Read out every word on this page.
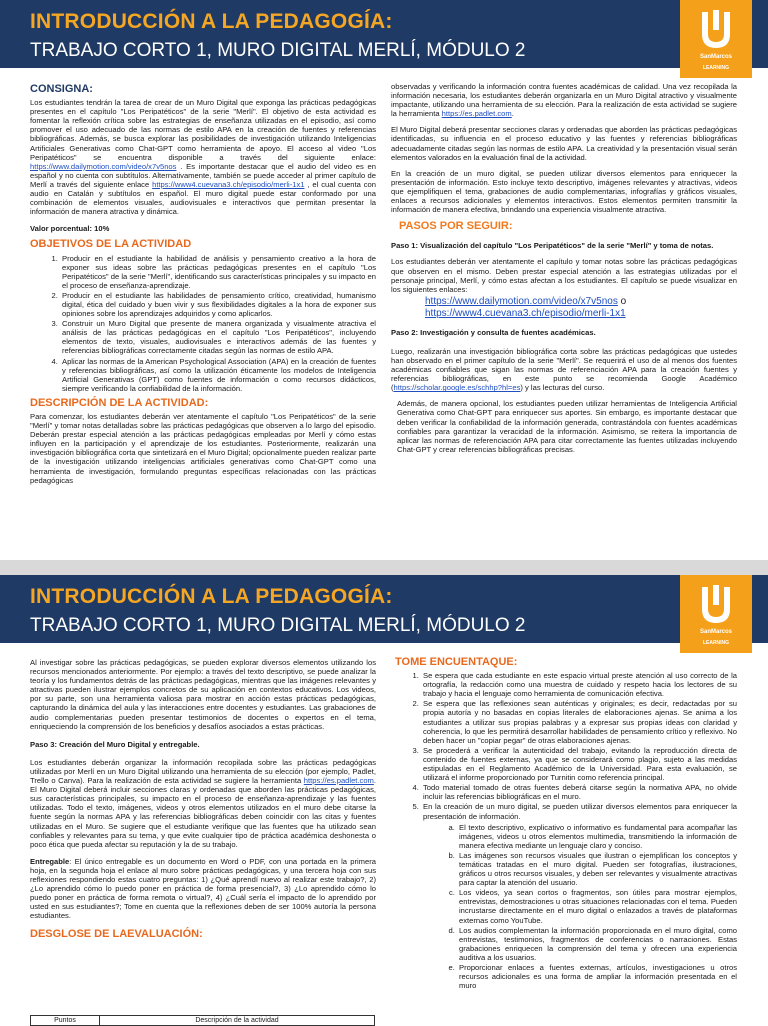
INTRODUCCIÓN A LA PEDAGOGÍA:
TRABAJO CORTO 1, MURO DIGITAL MERLÍ, MÓDULO 2	SanMarcos
LEARNING
CONSIGNA:

Los estudiantes tendrán la tarea de crear de un Muro Digital que exponga las prácticas pedagógicas presentes en el capítulo "Los Peripatéticos" de la serie "Merlí". El objetivo de esta actividad es fomentar la reflexión crítica sobre las estrategias de enseñanza utilizadas en el episodio, así como promover el uso adecuado de las normas de estilo APA en la creación de fuentes y referencias bibliográficas. Además, se busca explorar las posibilidades de investigación utilizando Inteligencias Artificiales Generativas como Chat-GPT como herramienta de apoyo. El acceso al video "Los Peripatéticos" se encuentra disponible a través del siguiente enlace: https://www.dailymotion.com/video/x7v5nos . Es importante destacar que el audio del video es en español y no cuenta con subtítulos. Alternativamente, también se puede acceder al primer capítulo de Merlí a través del siguiente enlace https://www4.cuevana3.ch/episodio/merli-1x1 , el cual cuenta con audio en Catalán y subtítulos en español. El muro digital puede estar conformado por una combinación de elementos visuales, audiovisuales e interactivos que permitan presentar la información de manera atractiva y dinámica.

Valor porcentual: 10%

OBJETIVOS DE LA ACTIVIDAD
1. Producir en el estudiante la habilidad de análisis y pensamiento creativo a la hora de exponer sus ideas sobre las prácticas pedagógicas presentes en el capítulo "Los Peripatéticos" de la serie "Merlí", identificando sus características principales y su impacto en el proceso de enseñanza-aprendizaje.
2. Producir en el estudiante las habilidades de pensamiento crítico, creatividad, humanismo digital, ética del cuidado y buen vivir y sus flexibilidades digitales a la hora de exponer sus opiniones sobre los aprendizajes adquiridos y como aplicarlos.
3. Construir un Muro Digital que presente de manera organizada y visualmente atractiva el análisis de las prácticas pedagógicas en el capítulo "Los Peripatéticos", incluyendo elementos de texto, visuales, audiovisuales e interactivos además de las fuentes y referencias bibliográficas correctamente citadas según las normas de estilo APA.
4. Aplicar las normas de la American Psychological Association (APA) en la creación de fuentes y referencias bibliográficas, así como la utilización éticamente los modelos de Inteligencia Artificial Generativas (GPT) como fuentes de información o como recursos didácticos, siempre verificando la confiabilidad de la información.
DESCRIPCIÓN DE LA ACTIVIDAD:

Para comenzar, los estudiantes deberán ver atentamente el capítulo "Los Peripatéticos" de la serie "Merlí" y tomar notas detalladas sobre las prácticas pedagógicas que observen a lo largo del episodio. Deberán prestar especial atención a las prácticas pedagógicas empleadas por Merlí y cómo estas influyen en la participación y el aprendizaje de los estudiantes. Posteriormente, realizarán una investigación bibliográfica corta que sintetizará en el Muro Digital; opcionalmente pueden realizar parte de la investigación utilizando inteligencias artificiales generativas como Chat-GPT como una herramienta de investigación, formulando preguntas específicas relacionadas con las prácticas pedagógicas

observadas y verificando la información contra fuentes académicas de calidad. Una vez recopilada la información necesaria, los estudiantes deberán organizarla en un Muro Digital atractivo y visualmente impactante, utilizando una herramienta de su elección. Para la realización de esta actividad se sugiere la herramienta https://es.padlet.com.

El Muro Digital deberá presentar secciones claras y ordenadas que aborden las prácticas pedagógicas identificadas, su influencia en el proceso educativo y las fuentes y referencias bibliográficas adecuadamente citadas según las normas de estilo APA. La creatividad y la presentación visual serán elementos valorados en la evaluación final de la actividad.

En la creación de un muro digital, se pueden utilizar diversos elementos para enriquecer la presentación de información. Esto incluye texto descriptivo, imágenes relevantes y atractivas, videos que ejemplifiquen el tema, grabaciones de audio complementarias, infografías y gráficos visuales, enlaces a recursos adicionales y elementos interactivos. Estos elementos permiten transmitir la información de manera efectiva, brindando una experiencia visualmente atractiva.

PASOS POR SEGUIR:

Paso 1: Visualización del capítulo "Los Peripatéticos" de la serie "Merlí" y toma de notas.

Los estudiantes deberán ver atentamente el capítulo y tomar notas sobre las prácticas pedagógicas que observen en el mismo. Deben prestar especial atención a las estrategias utilizadas por el personaje principal, Merlí, y cómo estas afectan a los estudiantes. El capítulo se puede visualizar en los siguientes enlaces:

https://www.dailymotion.com/video/x7v5nos o
https://www4.cuevana3.ch/episodio/merli-1x1

Paso 2: Investigación y consulta de fuentes académicas.

Luego, realizarán una investigación bibliográfica corta sobre las prácticas pedagógicas que ustedes han observado en el primer capítulo de la serie "Merlí". Se requerirá el uso de al menos dos fuentes académicas confiables que sigan las normas de referenciación APA para la creación fuentes y referencias bibliográficas, en este punto se recomienda Google Académico (https://scholar.google.es/schhp?hl=es) y las lecturas del curso.

Además, de manera opcional, los estudiantes pueden utilizar herramientas de Inteligencia Artificial Generativa como Chat-GPT para enriquecer sus aportes. Sin embargo, es importante destacar que deben verificar la confiabilidad de la información generada, contrastándola con fuentes académicas confiables para garantizar la veracidad de la información. Asimismo, se reitera la importancia de aplicar las normas de referenciación APA para citar correctamente las fuentes utilizadas incluyendo Chat-GPT y crear referencias bibliográficas precisas.

INTRODUCCIÓN A LA PEDAGOGÍA:
TRABAJO CORTO 1, MURO DIGITAL MERLÍ, MÓDULO 2	SanMarcos
LEARNING

Al investigar sobre las prácticas pedagógicas, se pueden explorar diversos elementos utilizando los recursos mencionados anteriormente. Por ejemplo: a través del texto descriptivo, se puede analizar la teoría y los fundamentos detrás de las prácticas pedagógicas, mientras que las imágenes relevantes y atractivas pueden ilustrar ejemplos concretos de su aplicación en contextos educativos. Los videos, por su parte, son una herramienta valiosa para mostrar en acción estas prácticas pedagógicas, capturando la dinámica del aula y las interacciones entre docentes y estudiantes. Las grabaciones de audio complementarias pueden presentar testimonios de docentes o expertos en el tema, enriqueciendo la comprensión de los beneficios y desafíos asociados a estas prácticas.

Paso 3: Creación del Muro Digital y entregable.

Los estudiantes deberán organizar la información recopilada sobre las prácticas pedagógicas utilizadas por Merlí en un Muro Digital utilizando una herramienta de su elección (por ejemplo, Padlet, Trello o Canva). Para la realización de esta actividad se sugiere la herramienta https://es.padlet.com. El Muro Digital deberá incluir secciones claras y ordenadas que aborden las prácticas pedagógicas, sus características principales, su impacto en el proceso de enseñanza-aprendizaje y las fuentes utilizadas. Todo el texto, imágenes, videos y otros elementos utilizados en el muro debe citarse la fuente según la normas APA y las referencias bibliográficas deben coincidir con las citas y fuentes utilizadas en el Muro. Se sugiere que el estudiante verifique que las fuentes que ha utilizado sean confiables y relevantes para su tema, y que evite cualquier tipo de práctica académica deshonesta o poco ética que pueda afectar su reputación y la de su trabajo.

Entregable: El único entregable es un documento en Word o PDF, con una portada en la primera hoja, en la segunda hoja el enlace al muro sobre prácticas pedagógicas, y una tercera hoja con sus reflexiones respondiendo estas cuatro preguntas: 1) ¿Qué aprendí nuevo al realizar este trabajo?, 2) ¿Lo aprendido cómo lo puedo poner en práctica de forma presencial?, 3) ¿Lo aprendido cómo lo puedo poner en práctica de forma remota o virtual?, 4) ¿Cuál sería el impacto de lo aprendido por usted en sus estudiantes?; Tome en cuenta que la reflexiones deben de ser 100% autoría la persona estudiantes.

DESGLOSE DE LAEVALUACIÓN:
Puntos	Descripción de la actividad
TOME ENCUENTAQUE:
1. Se espera que cada estudiante en este espacio virtual preste atención al uso correcto de la ortografía, la redacción como una muestra de cuidado y respeto hacia los lectores de su trabajo y hacia el lenguaje como herramienta de comunicación efectiva.
2. Se espera que las reflexiones sean auténticas y originales; es decir, redactadas por su propia autoría y no basadas en copias literales de elaboraciones ajenas. Se anima a los estudiantes a utilizar sus propias palabras y a expresar sus propias ideas con claridad y coherencia, lo que les permitirá desarrollar habilidades de pensamiento crítico y reflexivo. No deben hacer un "copiar pegar" de otras elaboraciones ajenas.
3. Se procederá a verificar la autenticidad del trabajo, evitando la reproducción directa de contenido de fuentes externas, ya que se considerará como plagio, sujeto a las medidas estipuladas en el Reglamento Académico de la Universidad. Para esta evaluación, se utilizará el informe proporcionado por Turnitin como referencia principal.
4. Todo material tomado de otras fuentes deberá citarse según la normativa APA, no olvide incluir las referencias bibliográficas en el muro.
5. En la creación de un muro digital, se pueden utilizar diversos elementos para enriquecer la presentación de información.
a. El texto descriptivo, explicativo o informativo es fundamental para acompañar las imágenes, videos u otros elementos multimedia, transmitiendo la información de manera efectiva mediante un lenguaje claro y conciso.
b. Las imágenes son recursos visuales que ilustran o ejemplifican los conceptos y temáticas tratadas en el muro digital. Pueden ser fotografías, ilustraciones, gráficos u otros recursos visuales, y deben ser relevantes y visualmente atractivas para captar la atención del usuario.
c. Los videos, ya sean cortos o fragmentos, son útiles para mostrar ejemplos, entrevistas, demostraciones u otras situaciones relacionadas con el tema. Pueden incrustarse directamente en el muro digital o enlazados a través de plataformas externas como YouTube.
d. Los audios complementan la información proporcionada en el muro digital, como entrevistas, testimonios, fragmentos de conferencias o narraciones. Estas grabaciones enriquecen la comprensión del tema y ofrecen una experiencia auditiva a los usuarios.
e. Proporcionar enlaces a fuentes externas, artículos, investigaciones u otros recursos adicionales es una forma de ampliar la información presentada en el muro
